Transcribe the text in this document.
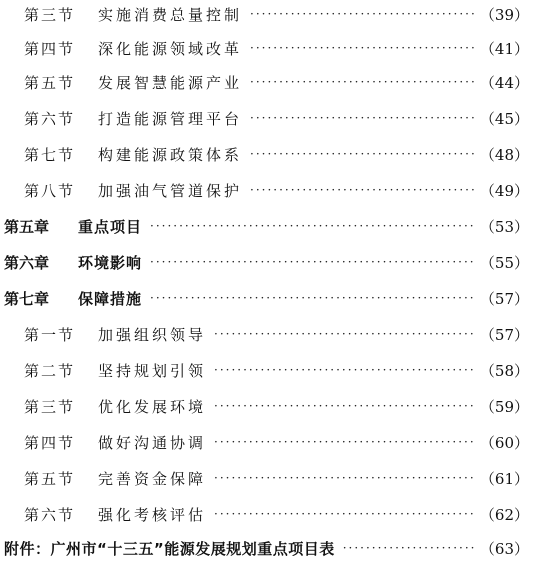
第三节	实施消费总量控制 ·····	（39）
第四节	深化能源领域改革 ·····	（41）
第五节	发展智慧能源产业 ·····	（44）
第六节	打造能源管理平台 ·····	（45）
第七节	构建能源政策体系 ·····	（48）
第八节	加强油气管道保护 ·····	（49）
第五章	重点项目 ·····	（53）
第六章	环境影响 ·····	（55）
第七章	保障措施 ·····	（57）
第一节	加强组织领导 ·····	（57）
第二节	坚持规划引领 ·····	（58）
第三节	优化发展环境 ·····	（59）
第四节	做好沟通协调 ·····	（60）
第五节	完善资金保障 ·····	（61）
第六节	强化考核评估 ·····	（62）
附件：广州市“十三五”能源发展规划重点项目表 ·····	（63）
